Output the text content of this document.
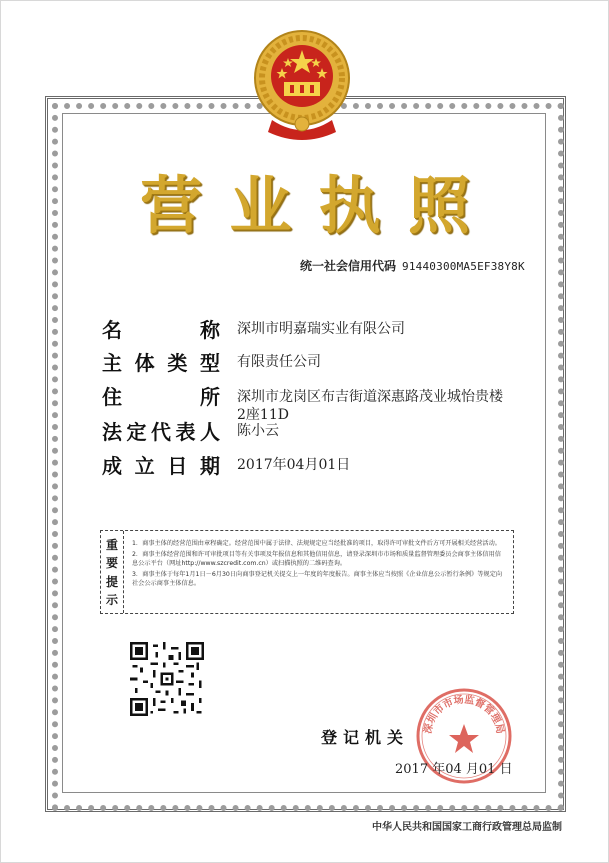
营 业 执 照
统一社会信用代码 91440300MA5EF38Y8K
名	称 深圳市明嘉瑞实业有限公司
主 体 类 型 有限责任公司
住	所 深圳市龙岗区布吉街道深惠路茂业城怡贵楼
2座11D
法 定 代 表 人 陈小云
成 立 日 期 2017年04月01日
重
要
提
示

1．商事主体的经营范围由章程确定。经营范围中属于法律、法规规定应当经批准的项目，取得许可审批文件后方可开展相关经营活动。

2．商事主体经营范围和许可审批项目等有关事项及年报信息和其他信用信息，请登录深圳市市场和质量监督管理委员会商事主体信用信息公示平台（网址http://www.szcredit.com.cn）或扫描执照的二维码查询。

3．商事主体于每年1月1日－6月30日向商事登记机关提交上一年度的年度报告。商事主体应当按照《企业信息公示暂行条例》等规定向社会公示商事主体信息。

登记机关 深圳市市场监督管理局
2017 年04 月01 日
中华人民共和国国家工商行政管理总局监制
